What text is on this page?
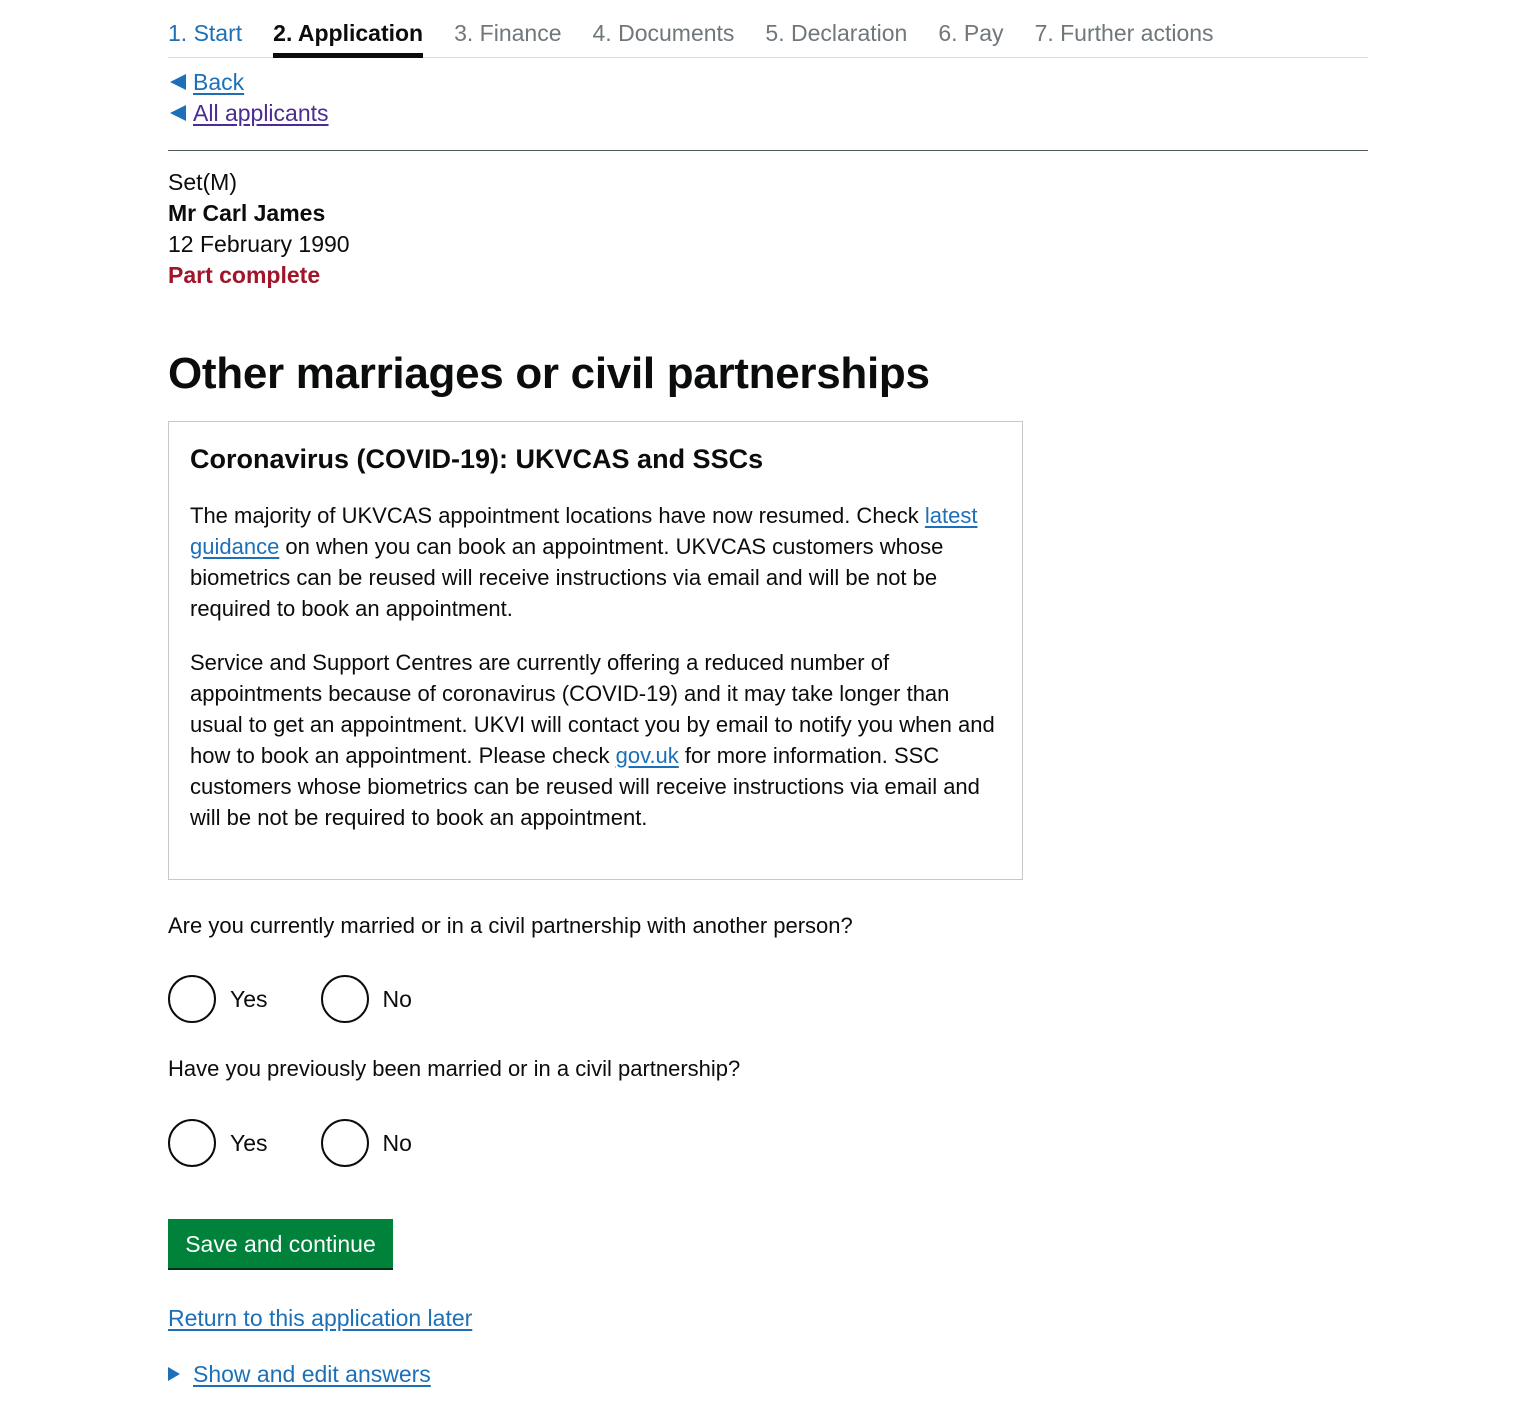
1. Start 2. Application 3. Finance 4. Documents 5. Declaration 6. Pay 7. Further actions
Back
All applicants
Set(M)
Mr Carl James
12 February 1990
Part complete
Other marriages or civil partnerships
Coronavirus (COVID-19): UKVCAS and SSCs

The majority of UKVCAS appointment locations have now resumed. Check latest guidance on when you can book an appointment. UKVCAS customers whose biometrics can be reused will receive instructions via email and will be not be required to book an appointment.

Service and Support Centres are currently offering a reduced number of appointments because of coronavirus (COVID-19) and it may take longer than usual to get an appointment. UKVI will contact you by email to notify you when and how to book an appointment. Please check gov.uk for more information. SSC customers whose biometrics can be reused will receive instructions via email and will be not be required to book an appointment.

Are you currently married or in a civil partnership with another person?
Yes	No
Have you previously been married or in a civil partnership?
Yes	No
Save and continue
Return to this application later
Show and edit answers
